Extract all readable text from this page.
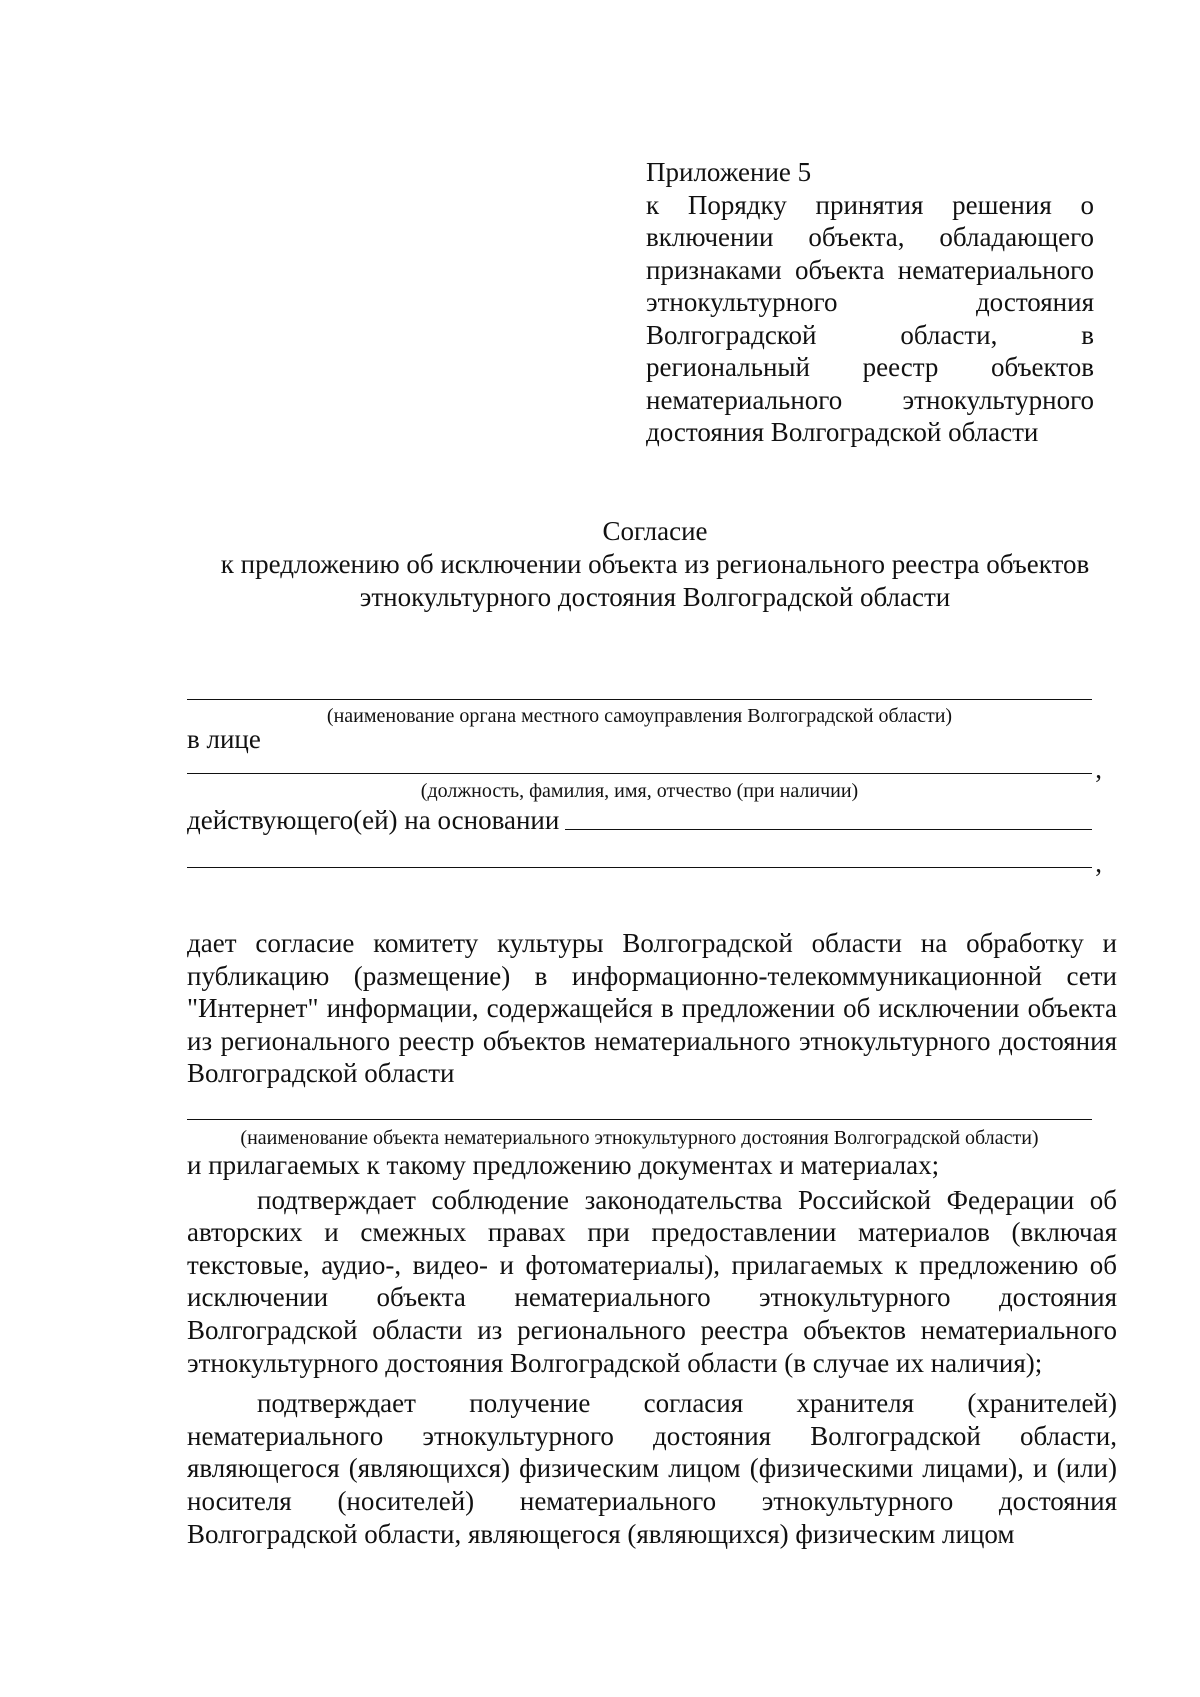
Приложение 5
к Порядку принятия решения о включении объекта, обладающего признаками объекта нематериального этнокультурного достояния Волгоградской области, в региональный реестр объектов нематериального этнокультурного достояния Волгоградской области
Согласие
к предложению об исключении объекта из регионального реестра объектов
этнокультурного достояния Волгоградской области
(наименование органа местного самоуправления Волгоградской области)
в лице
,
(должность, фамилия, имя, отчество (при наличии)
действующего(ей) на основании
,

дает согласие комитету культуры Волгоградской области на обработку и публикацию (размещение) в информационно-телекоммуникационной сети "Интернет" информации, содержащейся в предложении об исключении объекта из региональногo реестр объектов нематериального этнокультурного достояния Волгоградской области

(наименование объекта нематериального этнокультурного достояния Волгоградской области)

и прилагаемых к такому предложению документах и материалах;

подтверждает соблюдение законодательства Российской Федерации об авторских и смежных правах при предоставлении материалов (включая текстовые, аудио-, видео- и фотоматериалы), прилагаемых к предложению об исключении объекта нематериального этнокультурного достояния Волгоградской области из регионального реестра объектов нематериального этнокультурного достояния Волгоградской области (в случае их наличия);

подтверждает получение согласия хранителя (хранителей) нематериального этнокультурного достояния Волгоградской области, являющегося (являющихся) физическим лицом (физическими лицами), и (или) носителя (носителей) нематериального этнокультурного достояния Волгоградской области, являющегося (являющихся) физическим лицом
